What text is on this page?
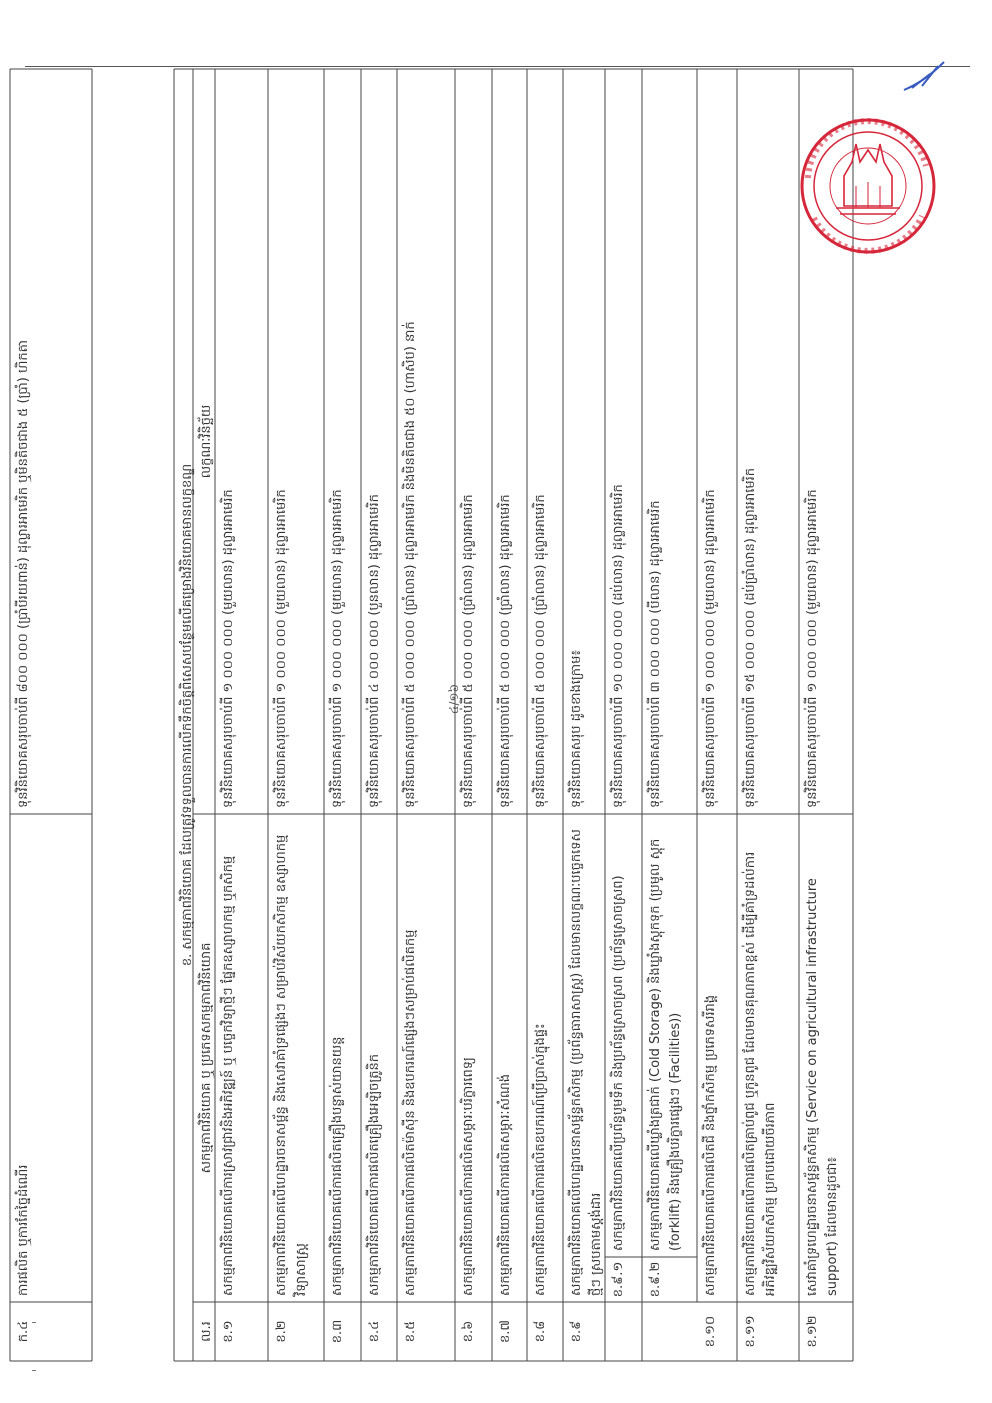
ក.៤
ការផលិត ឬការកែច្នៃដំណើរ
ទុនវិនិយោគសរុបចាប់ពី ៨០០ ០០០ (ប្រាំបីរយពាន់) ដុល្លារអាមេរិក ឬមិនតិចជាង ៥ (ប្រាំ) ហិកតា	ខ. សកម្មភាពវិនិយោគ ដែលត្រូវទទួលបានការលើកទឹកចិត្តពិសេសបន្ថែមលើគម្រោងវិនិយោគមានលក្ខខណ្ឌ
ល.រ
សកម្មភាពវិនិយោគ ឬ ប្រភេទសកម្មភាពវិនិយោគ
លក្ខណៈវិនិច្ឆ័យ
ខ.១
សកម្មភាពវិនិយោគលើការស្រាវជ្រាវនិងអភិវឌ្ឍន៍ ឬ បច្ចេកវិទ្យាថ្មីៗ ផ្នែកឧស្សាហកម្ម ឬកសិកម្ម
ទុនវិនិយោគសរុបចាប់ពី ១ ០០០ ០០០ (មួយលាន) ដុល្លារអាមេរិក
ខ.២
សកម្មភាពវិនិយោគលើហេដ្ឋារចនាសម្ព័ន្ធ និងសេវាគាំទ្រផ្សេងៗ សម្រាប់វិស័យកសិកម្ម ឧស្សាហកម្ម វិទ្យាសាស្ត្រ
ទុនវិនិយោគសរុបចាប់ពី ១ ០០០ ០០០ (មួយលាន) ដុល្លារអាមេរិក
ខ.៣
សកម្មភាពវិនិយោគលើការផលិតគ្រឿងបន្លាស់យានយន្ត
ទុនវិនិយោគសរុបចាប់ពី ១ ០០០ ០០០ (មួយលាន) ដុល្លារអាមេរិក
ខ.៤
សកម្មភាពវិនិយោគលើការផលិតគ្រឿងអេឡិចត្រូនិក
ទុនវិនិយោគសរុបចាប់ពី ៤ ០០០ ០០០ (បួនលាន) ដុល្លារអាមេរិក
ខ.៥
សកម្មភាពវិនិយោគលើការផលិតម៉ាស៊ីន និងឧបករណ៍ផ្សេងៗសម្រាប់ផលិតកម្ម
ទុនវិនិយោគសរុបចាប់ពី ៥ ០០០ ០០០ (ប្រាំលាន) ដុល្លារអាមេរិក និងមិនតិចជាង ៥០ (ហាសិប) នាក់
ខ.៦
សកម្មភាពវិនិយោគលើការផលិតសម្ភារៈបរិក្ខារពេទ្យ
ទុនវិនិយោគសរុបចាប់ពី ៥ ០០០ ០០០ (ប្រាំលាន) ដុល្លារអាមេរិក
ខ.៧
សកម្មភាពវិនិយោគលើការផលិតសម្ភារៈសំណង់
ទុនវិនិយោគសរុបចាប់ពី ៥ ០០០ ០០០ (ប្រាំលាន) ដុល្លារអាមេរិក
ខ.៨
សកម្មភាពវិនិយោគលើការផលិតឧបករណ៍ប្រើប្រាស់ក្នុងផ្ទះ
ទុនវិនិយោគសរុបចាប់ពី ៥ ០០០ ០០០ (ប្រាំលាន) ដុល្លារអាមេរិក
ខ.៩
សកម្មភាពវិនិយោគលើហេដ្ឋារចនាសម្ព័ន្ធកសិកម្ម (ប្រព័ន្ធធារាសាស្ត្រ) ដែលមានលក្ខណៈបច្ចេកទេសថ្មីៗ ស្របតាមស្តង់ដារ
ទុនវិនិយោគសរុប ដូចខាងក្រោម៖
ខ.៩.១
សកម្មភាពវិនិយោគលើប្រព័ន្ធបូមទឹក និងប្រព័ន្ធស្រោចស្រព (ប្រព័ន្ធស្រោចស្រព)
ទុនវិនិយោគសរុបចាប់ពី ១០ ០០០ ០០០ (ដប់លាន) ដុល្លារអាមេរិក
ខ.៩.២
សកម្មភាពវិនិយោគលើឃ្លាំងត្រជាក់ (Cold Storage) និងឃ្លាំងស្តុកទុក (ប្រមូល ស្តុក (forklift) និងគ្រឿងបរិក្ខារផ្សេងៗ (Facilities))
ទុនវិនិយោគសរុបចាប់ពី ៣ ០០០ ០០០ (បីលាន) ដុល្លារអាមេរិក
ខ.១០
សកម្មភាពវិនិយោគលើការផលិតជី និងថ្នាំកសិកម្ម ប្រភេទសរីរាង្គ
ទុនវិនិយោគសរុបចាប់ពី ១ ០០០ ០០០ (មួយលាន) ដុល្លារអាមេរិក
ខ.១១
សកម្មភាពវិនិយោគលើការផលិតគ្រាប់ពូជ ឬកូនពូជ ដែលមានគុណភាពខ្ពស់ ដើម្បីគាំទ្រដល់ការអភិវឌ្ឍវិស័យកសិកម្ម ប្រកបដោយចីរភាព
ទុនវិនិយោគសរុបចាប់ពី ១៥ ០០០ ០០០ (ដប់ប្រាំលាន) ដុល្លារអាមេរិក
ខ.១២
សេវាគាំទ្រហេដ្ឋារចនាសម្ព័ន្ធកសិកម្ម (Service on agricultural infrastructure support) ដែលមានដូចជា៖
ទុនវិនិយោគសរុបចាប់ពី ១ ០០០ ០០០ (មួយលាន) ដុល្លារអាមេរិក
៤/១៦
